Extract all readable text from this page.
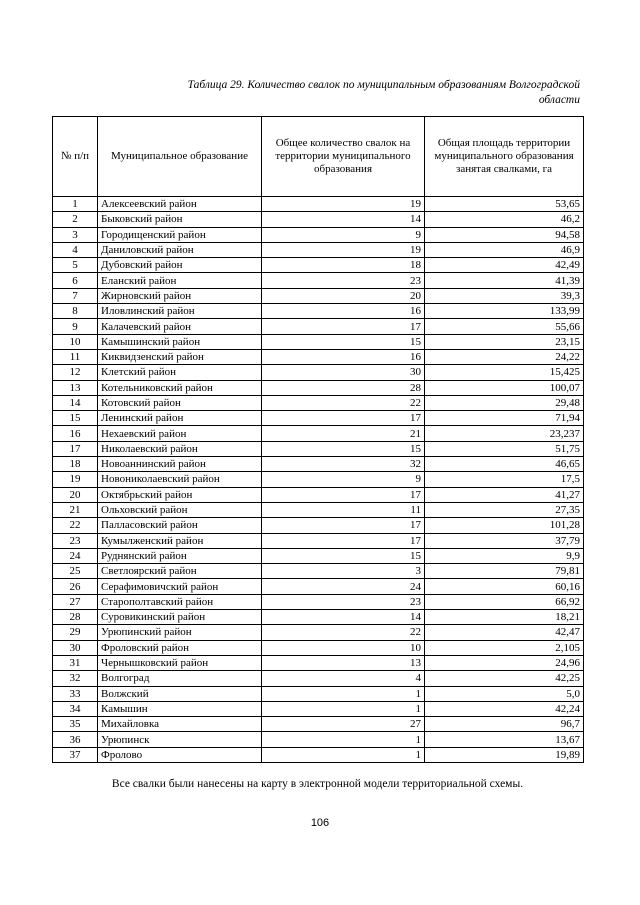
Таблица 29. Количество свалок по муниципальным образованиям Волгоградской
области
№ п/п	Муниципальное образование	Общее количество свалок на территории муниципального образования	Общая площадь территории муниципального образования занятая свалками, га
1	Алексеевский район	19	53,65
2	Быковский район	14	46,2
3	Городищенский район	9	94,58
4	Даниловский район	19	46,9
5	Дубовский район	18	42,49
6	Еланский район	23	41,39
7	Жирновский район	20	39,3
8	Иловлинский район	16	133,99
9	Калачевский район	17	55,66
10	Камышинский район	15	23,15
11	Киквидзенский район	16	24,22
12	Клетский район	30	15,425
13	Котельниковский район	28	100,07
14	Котовский район	22	29,48
15	Ленинский район	17	71,94
16	Нехаевский район	21	23,237
17	Николаевский район	15	51,75
18	Новоаннинский район	32	46,65
19	Новониколаевский район	9	17,5
20	Октябрьский район	17	41,27
21	Ольховский район	11	27,35
22	Палласовский район	17	101,28
23	Кумылженский район	17	37,79
24	Руднянский район	15	9,9
25	Светлоярский район	3	79,81
26	Серафимовичский район	24	60,16
27	Старополтавский район	23	66,92
28	Суровикинский район	14	18,21
29	Урюпинский район	22	42,47
30	Фроловский район	10	2,105
31	Чернышковский район	13	24,96
32	Волгоград	4	42,25
33	Волжский	1	5,0
34	Камышин	1	42,24
35	Михайловка	27	96,7
36	Урюпинск	1	13,67
37	Фролово	1	19,89
Все свалки были нанесены на карту в электронной модели территориальной схемы.
106
